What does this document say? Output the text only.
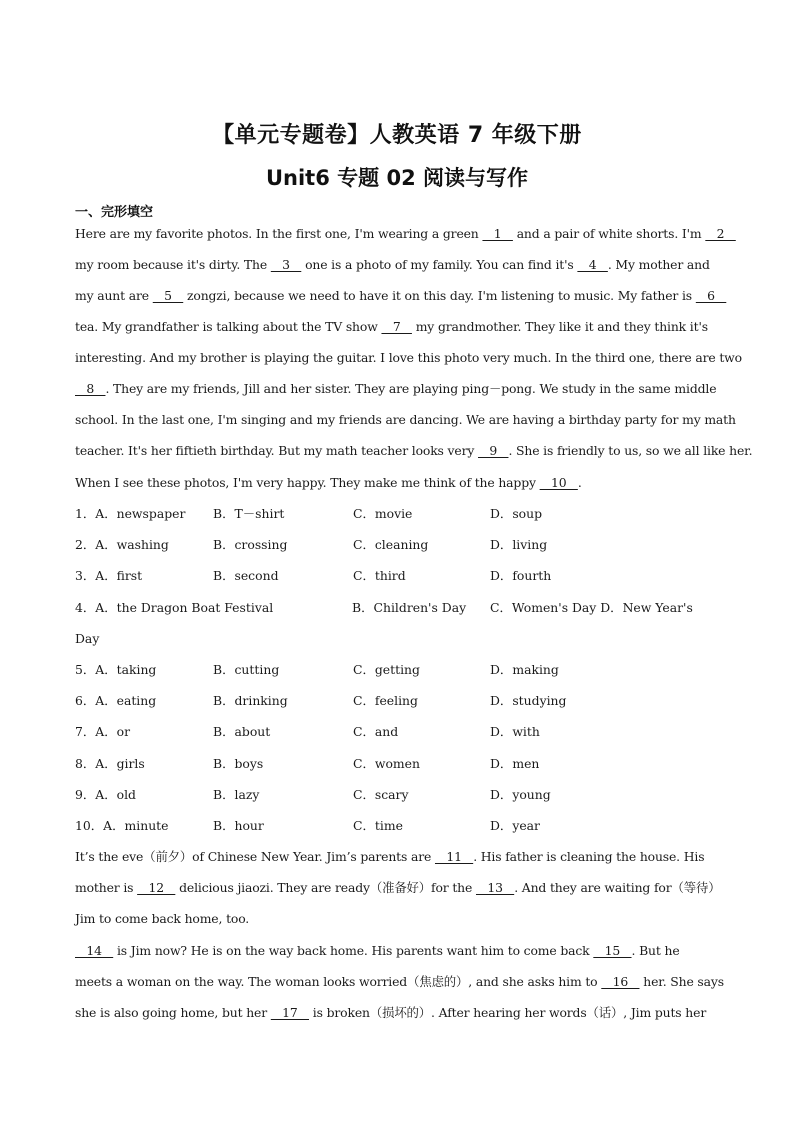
【单元专题卷】人教英语 7 年级下册
Unit6 专题 02 阅读与写作
一、完形填空
Here are my favorite photos. In the first one, I'm wearing a green    1    and a pair of white shorts. I'm    2
my room because it's dirty. The    3    one is a photo of my family. You can find it's    4   . My mother and
my aunt are    5    zongzi, because we need to have it on this day. I'm listening to music. My father is    6
tea. My grandfather is talking about the TV show    7    my grandmother. They like it and they think it's
interesting. And my brother is playing the guitar. I love this photo very much. In the third one, there are two
8   . They are my friends, Jill and her sister. They are playing ping－pong. We study in the same middle
school. In the last one, I'm singing and my friends are dancing. We are having a birthday party for my math
teacher. It's her fiftieth birthday. But my math teacher looks very    9   . She is friendly to us, so we all like her.
When I see these photos, I'm very happy. They make me think of the happy    10   .
1．A．newspaper B．T－shirt	C．movie	D．soup
2．A．washing	B．crossing	C．cleaning	D．living
3．A．first	B．second	C．third	D．fourth
4．A．the Dragon Boat Festival	B．Children's Day C．Women's Day D．New Year's
Day
5．A．taking	B．cutting	C．getting	D．making
6．A．eating	B．drinking	C．feeling	D．studying
7．A．or	B．about	C．and	D．with
8．A．girls	B．boys	C．women	D．men
9．A．old	B．lazy	C．scary	D．young
10．A．minute	B．hour	C．time	D．year
It’s the eve（前夕）of Chinese New Year. Jim’s parents are    11   . His father is cleaning the house. His
mother is    12    delicious jiaozi. They are ready（准备好）for the    13   . And they are waiting for（等待）
Jim to come back home, too.
14    is Jim now? He is on the way back home. His parents want him to come back    15   . But he
meets a woman on the way. The woman looks worried（焦虑的）, and she asks him to    16    her. She says
she is also going home, but her    17    is broken（损坏的）. After hearing her words（话）, Jim puts her
